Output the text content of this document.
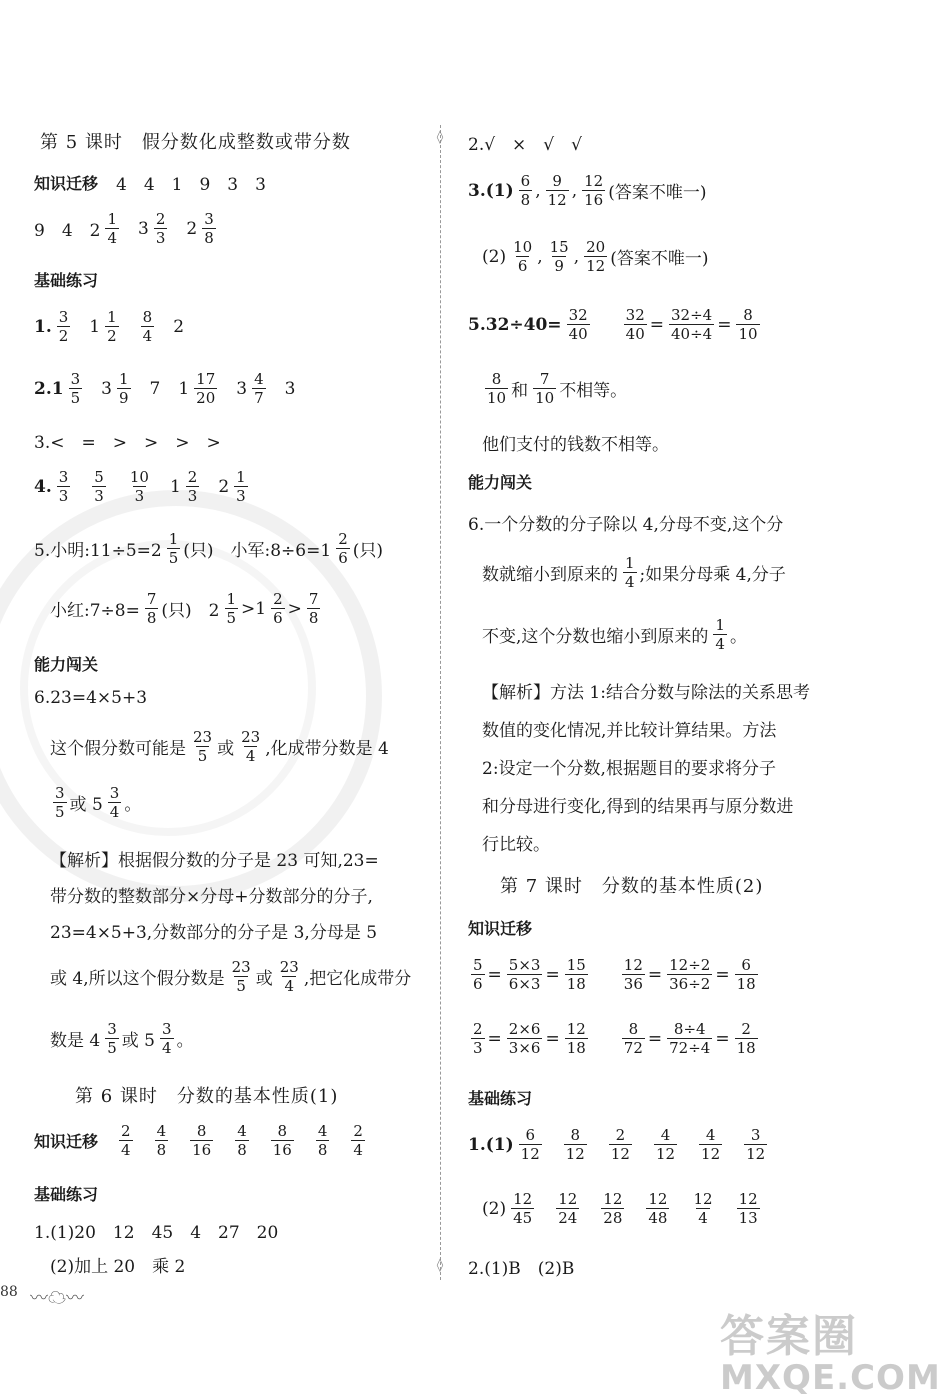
◊
◊
第 5 课时　假分数化成整数或带分数
知识迁移 4　4　1　9　3　3
9　4　$2 \frac{1}{4} 3 \frac{2}{3} 2 \frac{3}{8}$
基础练习
1. $\frac{3}{2} 1 \frac{1}{2} \frac{8}{4} 2$
$2.1 \frac{3}{5} 3 \frac{1}{9} 7$ $1 \frac{17}{20} 3 \frac{4}{7} 3$
3.<　=　>　>　>　>
4. $\frac{3}{3} \frac{5}{3} \frac{10}{3} 1 \frac{2}{3} 2 \frac{1}{3}$
5.小明:11÷5=2 $\frac{1}{5}$ (只)　小军:8÷6=1 $\frac{2}{6}$ (只)
小红:7÷8= $\frac{7}{8}$ (只)　$2 \frac{1}{5} >1 \frac{2}{6} > \frac{7}{8}$
能力闯关
6.23=4×5+3
这个假分数可能是 $\frac{23}{5}$ 或 $\frac{23}{4}$ ,化成带分数是 4
$\frac{3}{5}$ 或 $5 \frac{3}{4}$ 。
【解析】根据假分数的分子是 23 可知,23=
带分数的整数部分×分母+分数部分的分子,
23=4×5+3,分数部分的分子是 3,分母是 5
或 4,所以这个假分数是 $\frac{23}{5}$ 或 $\frac{23}{4}$ ,把它化成带分
数是 $4 \frac{3}{5}$ 或 $5 \frac{3}{4}$ 。
第 6 课时　分数的基本性质(1)
知识迁移 $\frac{2}{4} \frac{4}{8} \frac{8}{16} \frac{4}{8} \frac{8}{16} \frac{4}{8} \frac{2}{4}$
基础练习
1.(1)20　12　45　4　27　20
(2)加上 20　乘 2
88 〰☁〰
2.√　×　√　√
$3.(1) \frac{6}{8}$ , $\frac{9}{12}$ , $\frac{12}{16}$ (答案不唯一)
$(2) \frac{10}{6}$ , $\frac{15}{9}$ , $\frac{20}{12}$ (答案不唯一)
$5.32\div 40= \frac{32}{40} \frac{32}{40} = \frac{32\div 4}{40\div 4} = \frac{8}{10}$
$\frac{8}{10}$ 和 $\frac{7}{10}$ 不相等。
他们支付的钱数不相等。
能力闯关
6.一个分数的分子除以 4,分母不变,这个分
数就缩小到原来的 $\frac{1}{4}$ ;如果分母乘 4,分子
不变,这个分数也缩小到原来的 $\frac{1}{4}$ 。
【解析】方法 1:结合分数与除法的关系思考
数值的变化情况,并比较计算结果。方法
2:设定一个分数,根据题目的要求将分子
和分母进行变化,得到的结果再与原分数进
行比较。
第 7 课时　分数的基本性质(2)
知识迁移
$\frac{5}{6} = \frac{5\times 3}{6\times 3} = \frac{15}{18} \frac{12}{36} = \frac{12\div 2}{36\div 2} = \frac{6}{18}$
$\frac{2}{3} = \frac{2\times 6}{3\times 6} = \frac{12}{18} \frac{8}{72} = \frac{8\div 4}{72\div 4} = \frac{2}{18}$
基础练习
$1.(1) \frac{6}{12} \frac{8}{12} \frac{2}{12} \frac{4}{12} \frac{4}{12} \frac{3}{12}$
$(2) \frac{12}{45} \frac{12}{24} \frac{12}{28} \frac{12}{48} \frac{12}{4} \frac{12}{13}$
2.(1)B　(2)B
答案圈
MXQE.COM
